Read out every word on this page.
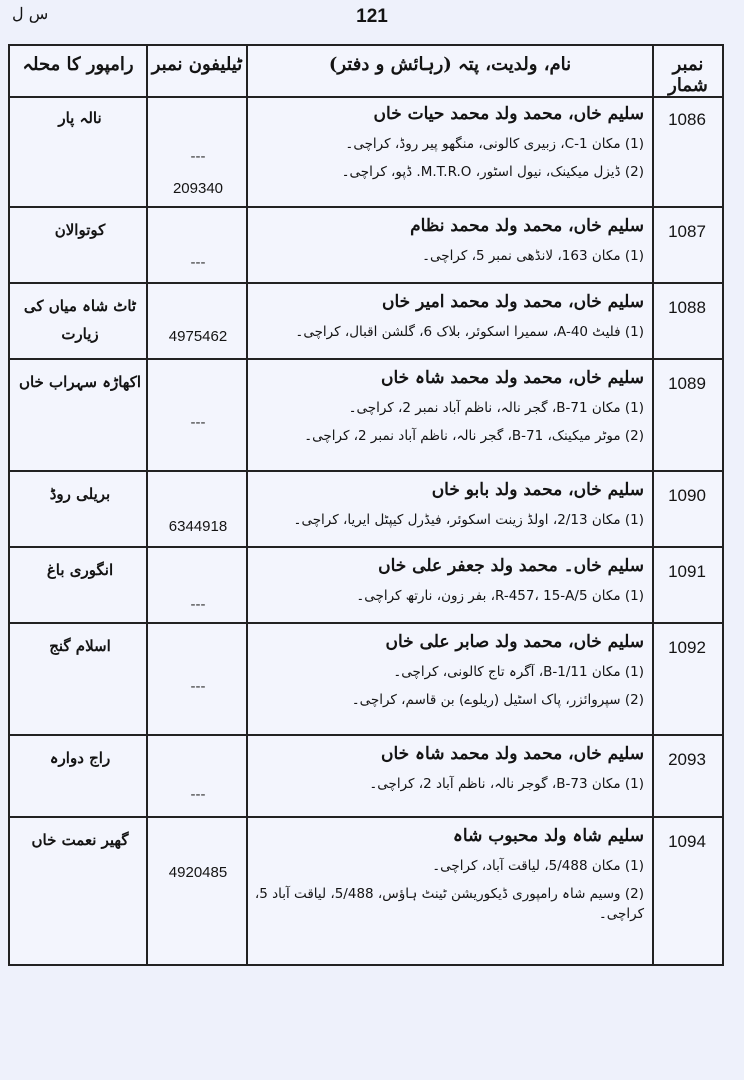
س ل	121
نمبر شمار
نام، ولدیت، پتہ (رہائش و دفتر)
ٹیلیفون نمبر
رامپور کا محلہ
1086
سلیم خاں، محمد ولد محمد حیات خاں
(1) مکان C-1، زبیری کالونی، منگھو پیر روڈ، کراچی۔
(2) ڈیزل میکینک، نیول اسٹور، M.T.R.O. ڈپو، کراچی۔
---
209340
نالہ پار
1087
سلیم خاں، محمد ولد محمد نظام
(1) مکان 163، لانڈھی نمبر 5، کراچی۔
---
کوتوالان
1088
سلیم خاں، محمد ولد محمد امیر خاں
(1) فلیٹ A-40، سمیرا اسکوئر، بلاک 6، گلشن اقبال، کراچی۔
4975462
ٹاٹ شاہ میاں کی زیارت
1089
سلیم خاں، محمد ولد محمد شاہ خاں
(1) مکان B-71، گجر نالہ، ناظم آباد نمبر 2، کراچی۔
(2) موٹر میکینک، B-71، گجر نالہ، ناظم آباد نمبر 2، کراچی۔
---
اکھاڑہ سہراب خاں
1090
سلیم خاں، محمد ولد بابو خاں
(1) مکان 2/13، اولڈ زینت اسکوئر، فیڈرل کیپٹل ایریا، کراچی۔
6344918
بریلی روڈ
1091
سلیم خاں۔ محمد ولد جعفر علی خاں
(1) مکان R-457، 15-A/5، بفر زون، نارتھ کراچی۔
---
انگوری باغ
1092
سلیم خاں، محمد ولد صابر علی خاں
(1) مکان B-1/11، آگرہ تاج کالونی، کراچی۔
(2) سپروائزر، پاک اسٹیل (ریلوے) بن قاسم، کراچی۔
---
اسلام گنج
2093
سلیم خاں، محمد ولد محمد شاہ خاں
(1) مکان B-73، گوجر نالہ، ناظم آباد 2، کراچی۔
---
راج دوارہ
1094
سلیم شاہ ولد محبوب شاہ
(1) مکان 5/488، لیاقت آباد، کراچی۔
(2) وسیم شاہ رامپوری ڈیکوریشن ٹینٹ ہاؤس، 5/488، لیاقت آباد 5، کراچی۔
4920485
گھیر نعمت خاں
